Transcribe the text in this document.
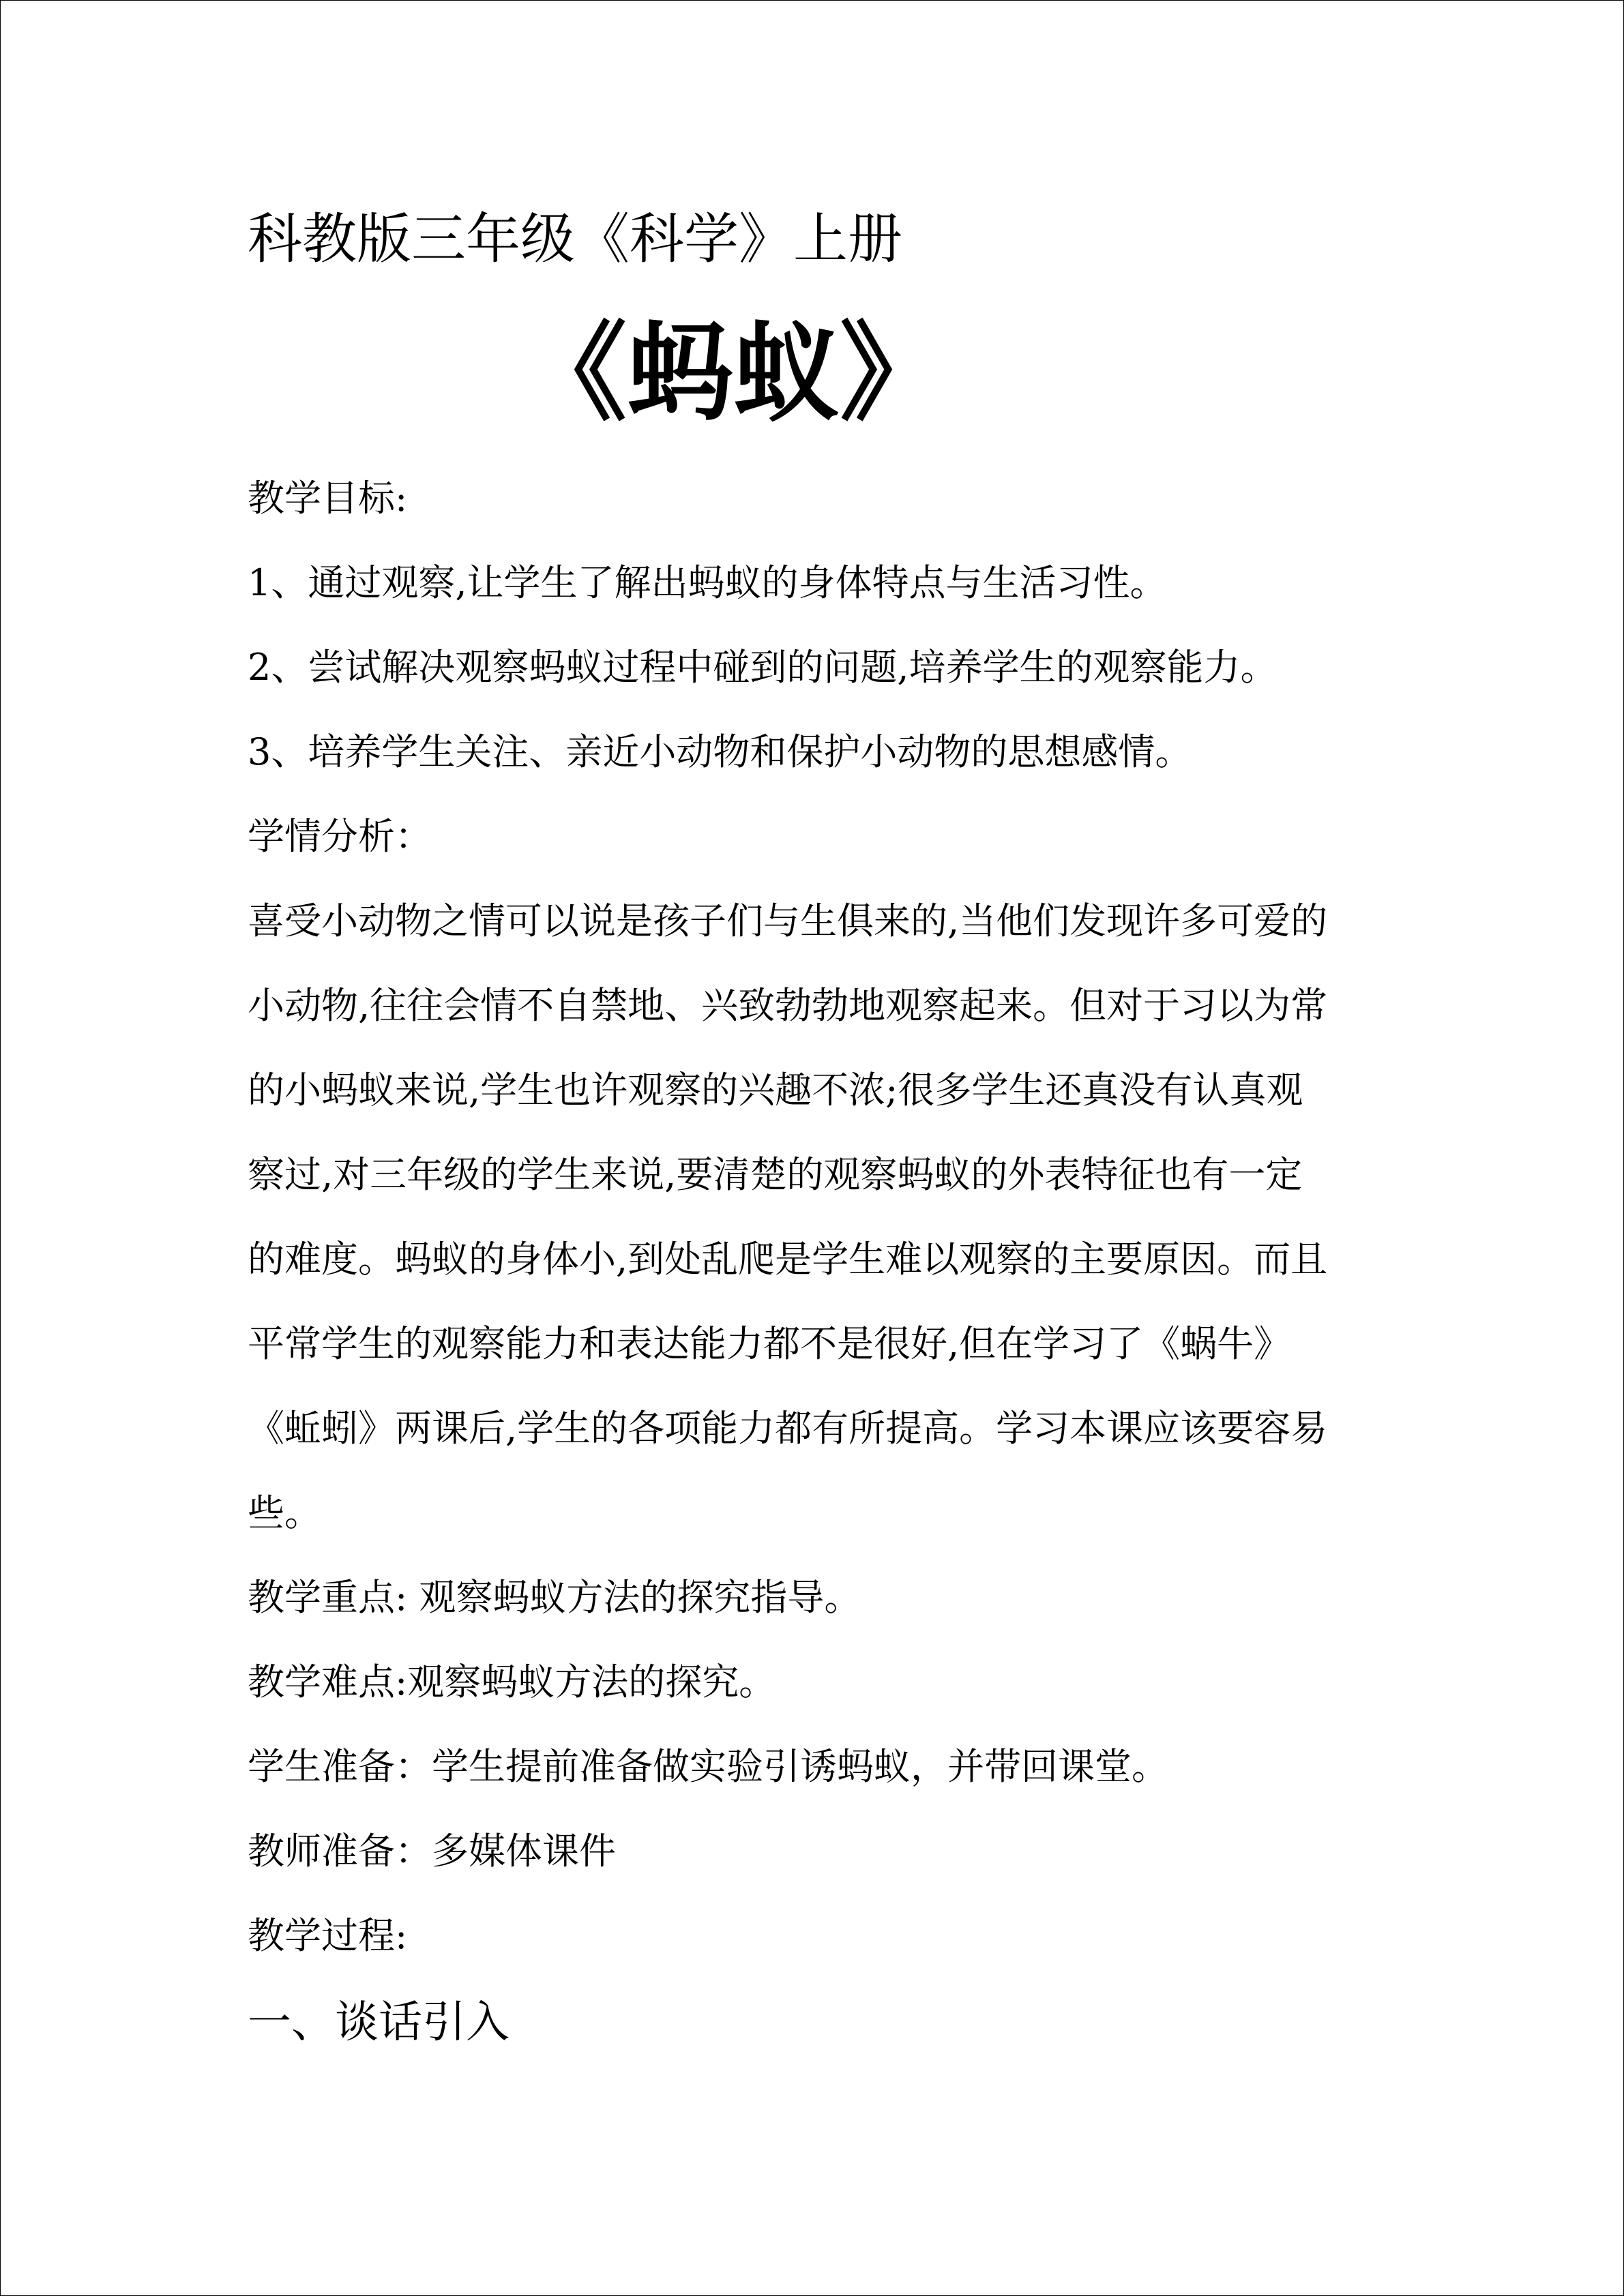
科教版三年级《科学》上册
《蚂蚁》
教学目标:
1、通过观察,让学生了解出蚂蚁的身体特点与生活习性。
2、尝试解决观察蚂蚁过程中碰到的问题,培养学生的观察能力。
3、培养学生关注、亲近小动物和保护小动物的思想感情。
学情分析：
喜受小动物之情可以说是孩子们与生俱来的,当他们发现许多可爱的
小动物,往往会情不自禁地、兴致勃勃地观察起来。但对于习以为常
的小蚂蚁来说,学生也许观察的兴趣不浓;很多学生还真没有认真观
察过,对三年级的学生来说,要清楚的观察蚂蚁的外表特征也有一定
的难度。蚂蚁的身体小,到处乱爬是学生难以观察的主要原因。而且
平常学生的观察能力和表达能力都不是很好,但在学习了《蜗牛》
《蚯蚓》两课后,学生的各项能力都有所提高。学习本课应该要容易
些。
教学重点: 观察蚂蚁方法的探究指导。
教学难点:观察蚂蚁方法的探究。
学生准备：学生提前准备做实验引诱蚂蚁，并带回课堂。
教师准备：多媒体课件
教学过程:
一、谈话引入
